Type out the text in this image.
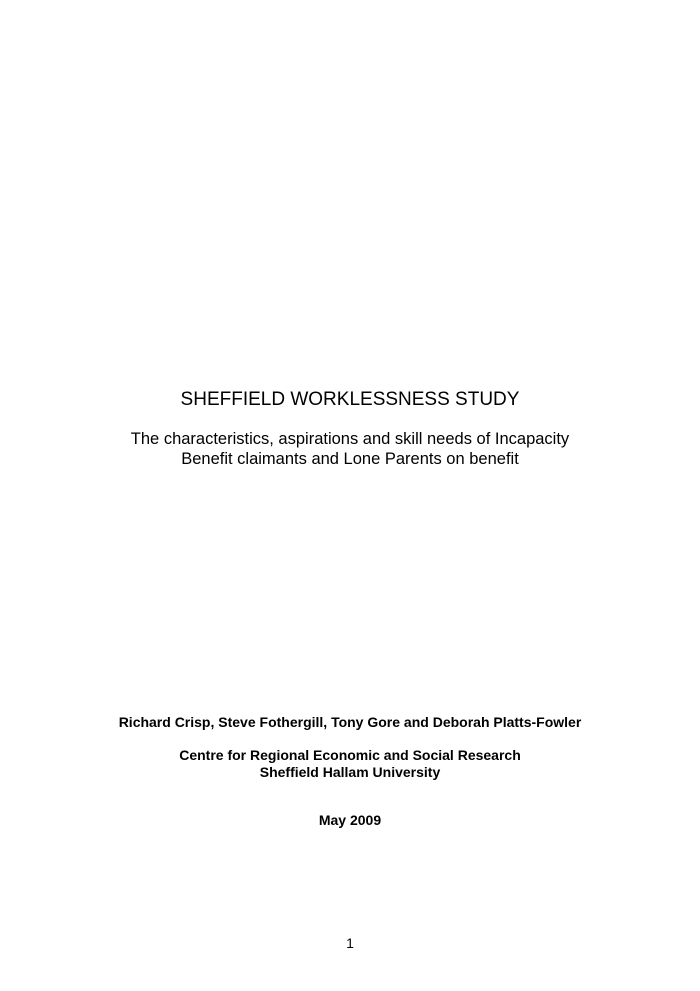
SHEFFIELD WORKLESSNESS STUDY
The characteristics, aspirations and skill needs of Incapacity
Benefit claimants and Lone Parents on benefit
Richard Crisp, Steve Fothergill, Tony Gore and Deborah Platts-Fowler
Centre for Regional Economic and Social Research
Sheffield Hallam University
May 2009
1
